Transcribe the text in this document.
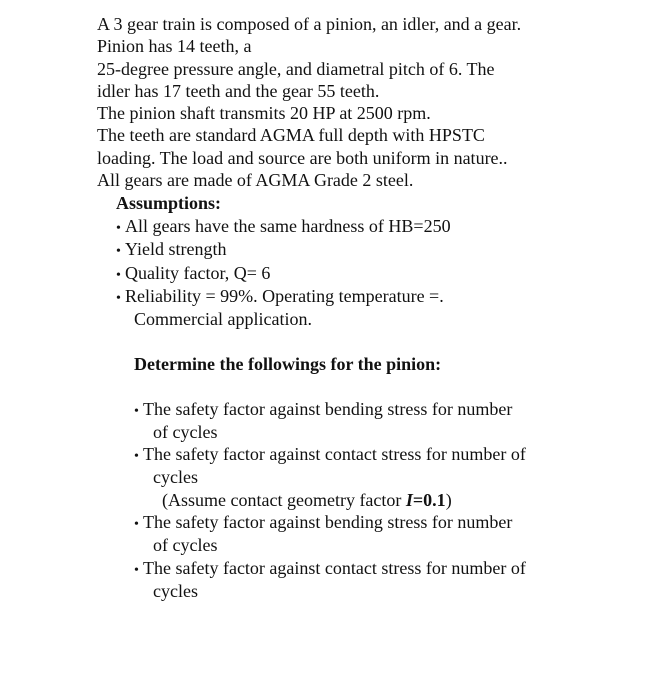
A 3 gear train is composed of a pinion, an idler, and a gear.
Pinion has 14 teeth, a
25-degree pressure angle, and diametral pitch of 6. The
idler has 17 teeth and the gear 55 teeth.
The pinion shaft transmits 20 HP at 2500 rpm.
The teeth are standard AGMA full depth with HPSTC
loading. The load and source are both uniform in nature..
All gears are made of AGMA Grade 2 steel.
Assumptions:
• All gears have the same hardness of HB=250
• Yield strength
• Quality factor, Q= 6
• Reliability = 99%. Operating temperature =.
Commercial application.
Determine the followings for the pinion:
• The safety factor against bending stress for number
of cycles
• The safety factor against contact stress for number of
cycles
(Assume contact geometry factor I=0.1)
• The safety factor against bending stress for number
of cycles
• The safety factor against contact stress for number of
cycles
